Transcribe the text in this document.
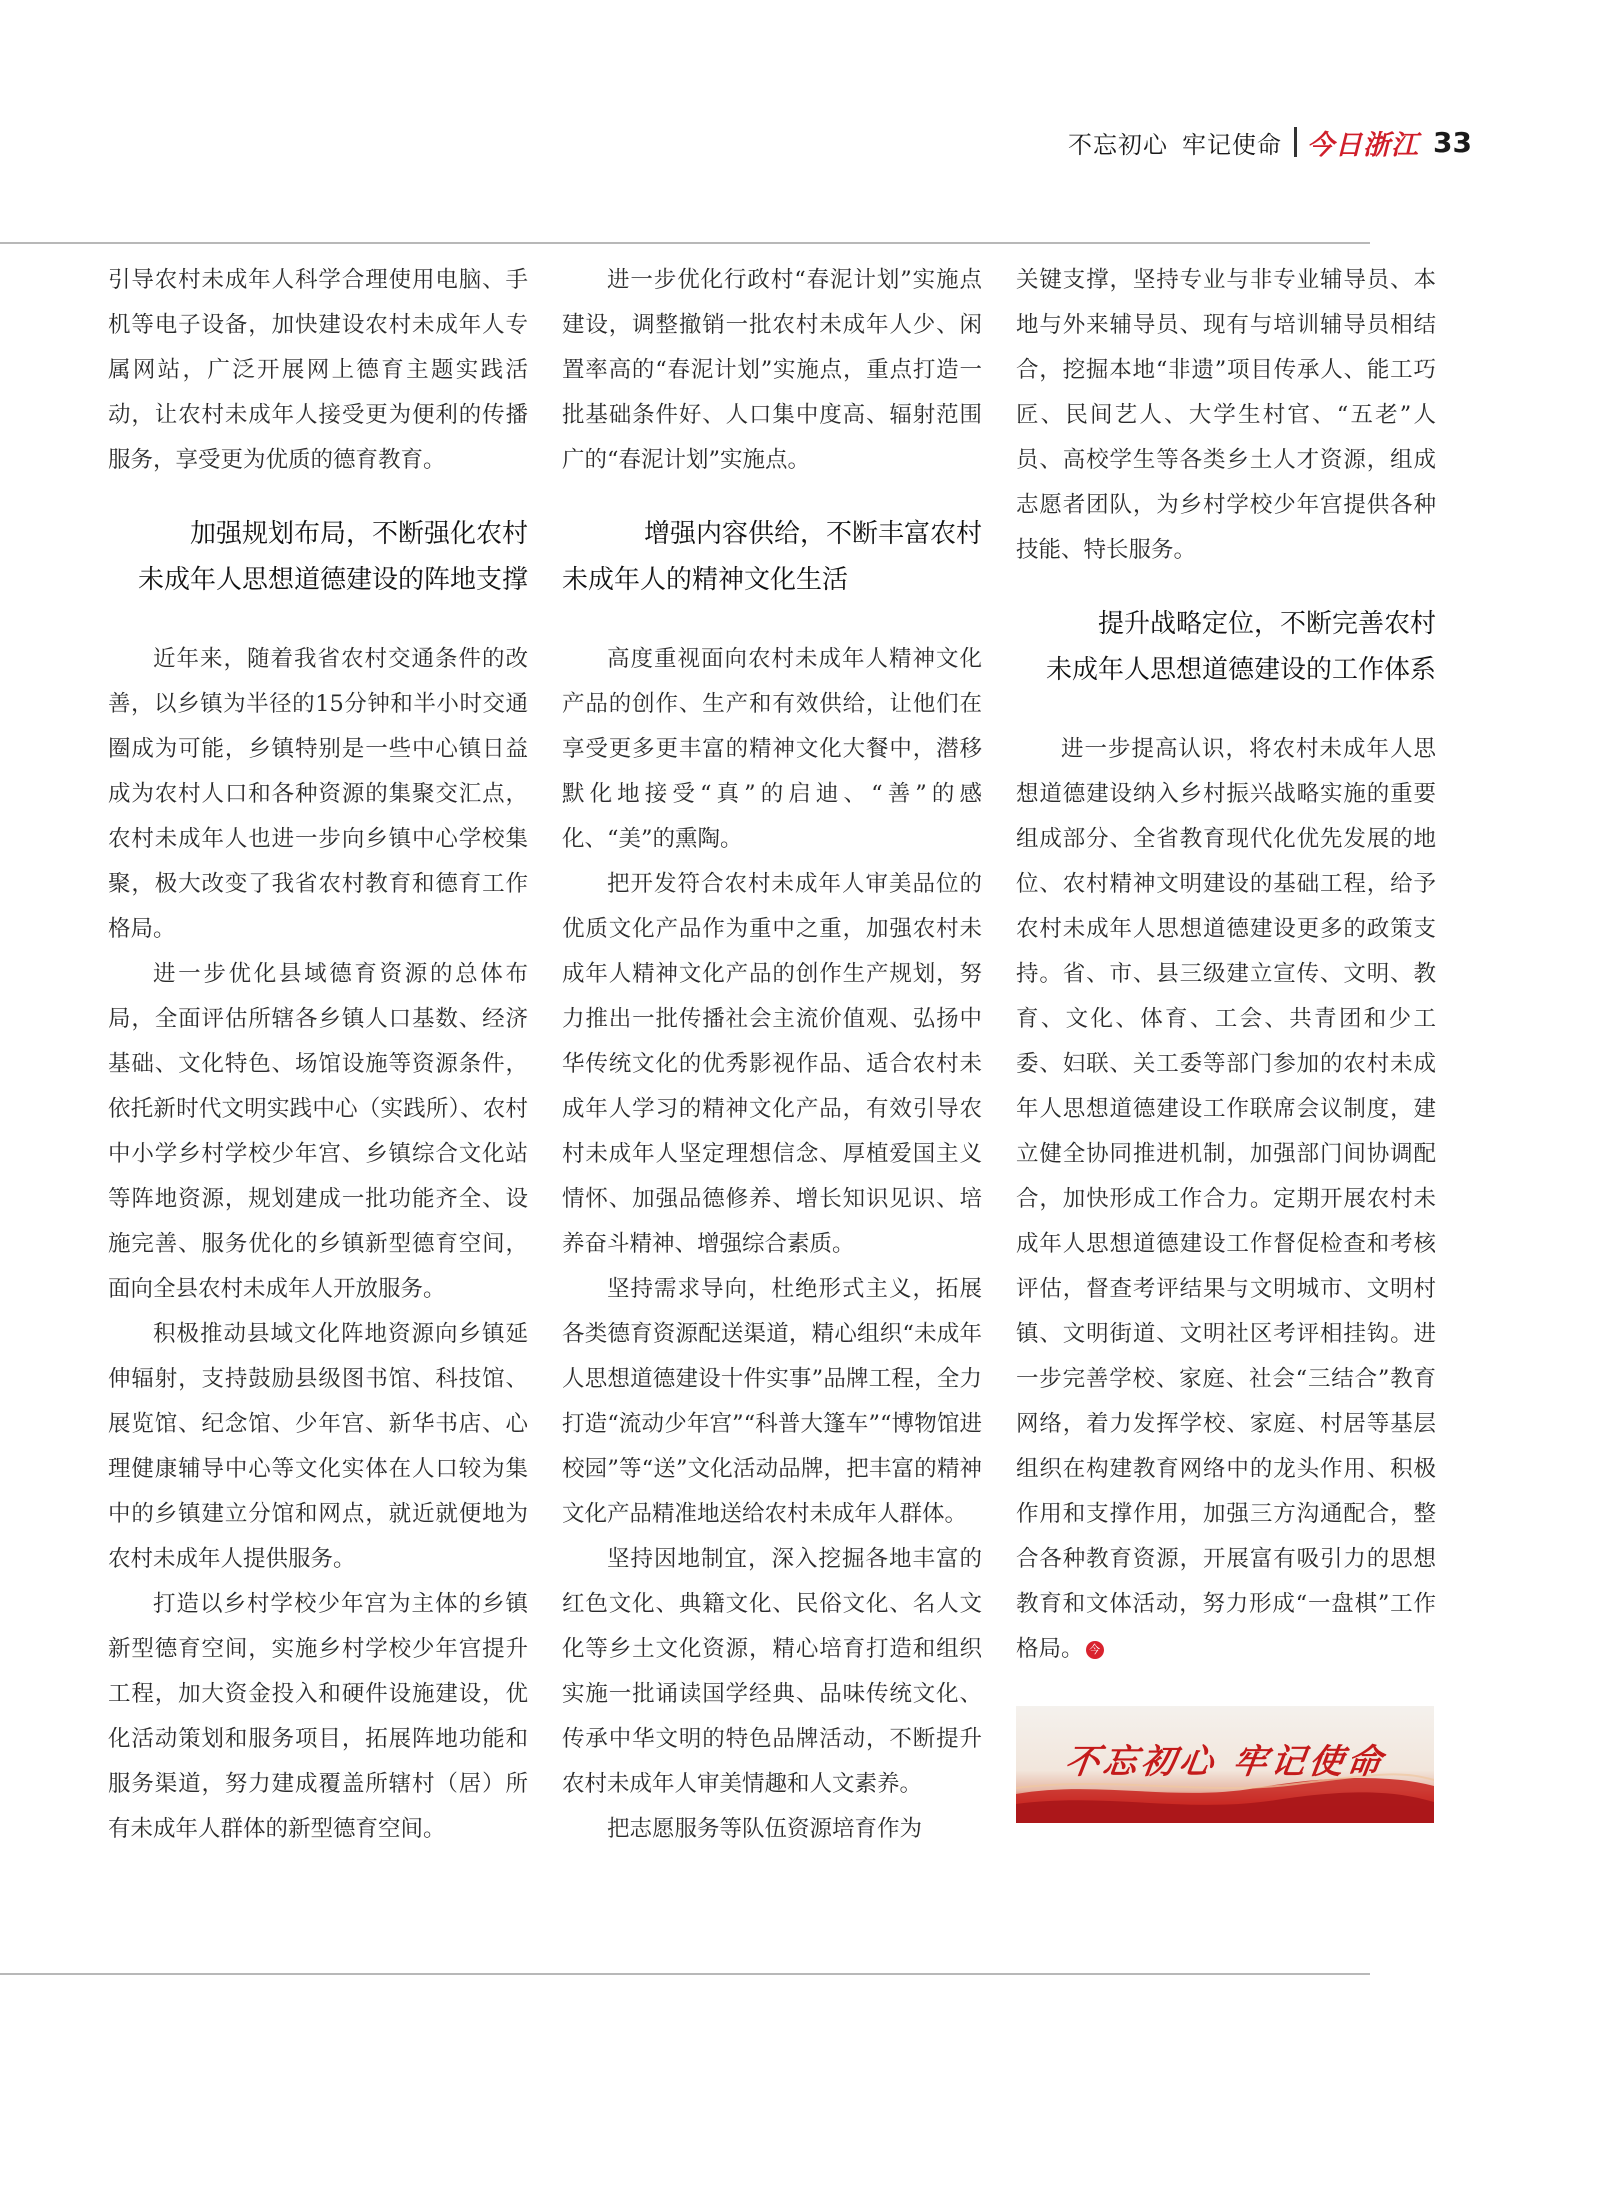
不忘初心 牢记使命 今日浙江 33

引导农村未成年人科学合理使用电脑、手机等电子设备，加快建设农村未成年人专属网站，广泛开展网上德育主题实践活动，让农村未成年人接受更为便利的传播服务，享受更为优质的德育教育。

加强规划布局，不断强化农村
未成年人思想道德建设的阵地支撑

近年来，随着我省农村交通条件的改善，以乡镇为半径的15分钟和半小时交通圈成为可能，乡镇特别是一些中心镇日益成为农村人口和各种资源的集聚交汇点，农村未成年人也进一步向乡镇中心学校集聚，极大改变了我省农村教育和德育工作格局。

进一步优化县域德育资源的总体布局，全面评估所辖各乡镇人口基数、经济基础、文化特色、场馆设施等资源条件，依托新时代文明实践中心（实践所）、农村中小学乡村学校少年宫、乡镇综合文化站等阵地资源，规划建成一批功能齐全、设施完善、服务优化的乡镇新型德育空间，面向全县农村未成年人开放服务。

积极推动县域文化阵地资源向乡镇延伸辐射，支持鼓励县级图书馆、科技馆、展览馆、纪念馆、少年宫、新华书店、心理健康辅导中心等文化实体在人口较为集中的乡镇建立分馆和网点，就近就便地为农村未成年人提供服务。

打造以乡村学校少年宫为主体的乡镇新型德育空间，实施乡村学校少年宫提升工程，加大资金投入和硬件设施建设，优化活动策划和服务项目，拓展阵地功能和服务渠道，努力建成覆盖所辖村（居）所有未成年人群体的新型德育空间。

进一步优化行政村“春泥计划”实施点建设，调整撤销一批农村未成年人少、闲置率高的“春泥计划”实施点，重点打造一批基础条件好、人口集中度高、辐射范围广的“春泥计划”实施点。

增强内容供给，不断丰富农村
未成年人的精神文化生活

高度重视面向农村未成年人精神文化产品的创作、生产和有效供给，让他们在享受更多更丰富的精神文化大餐中，潜移默化地接受“真”的启迪、“善”的感化、“美”的熏陶。

把开发符合农村未成年人审美品位的优质文化产品作为重中之重，加强农村未成年人精神文化产品的创作生产规划，努力推出一批传播社会主流价值观、弘扬中华传统文化的优秀影视作品、适合农村未成年人学习的精神文化产品，有效引导农村未成年人坚定理想信念、厚植爱国主义情怀、加强品德修养、增长知识见识、培养奋斗精神、增强综合素质。

坚持需求导向，杜绝形式主义，拓展各类德育资源配送渠道，精心组织“未成年人思想道德建设十件实事”品牌工程，全力打造“流动少年宫”“科普大篷车”“博物馆进校园”等“送”文化活动品牌，把丰富的精神文化产品精准地送给农村未成年人群体。

坚持因地制宜，深入挖掘各地丰富的红色文化、典籍文化、民俗文化、名人文化等乡土文化资源，精心培育打造和组织实施一批诵读国学经典、品味传统文化、传承中华文明的特色品牌活动，不断提升农村未成年人审美情趣和人文素养。

把志愿服务等队伍资源培育作为

关键支撑，坚持专业与非专业辅导员、本地与外来辅导员、现有与培训辅导员相结合，挖掘本地“非遗”项目传承人、能工巧匠、民间艺人、大学生村官、“五老”人员、高校学生等各类乡土人才资源，组成志愿者团队，为乡村学校少年宫提供各种技能、特长服务。

提升战略定位，不断完善农村
未成年人思想道德建设的工作体系

进一步提高认识，将农村未成年人思想道德建设纳入乡村振兴战略实施的重要组成部分、全省教育现代化优先发展的地位、农村精神文明建设的基础工程，给予农村未成年人思想道德建设更多的政策支持。省、市、县三级建立宣传、文明、教育、文化、体育、工会、共青团和少工委、妇联、关工委等部门参加的农村未成年人思想道德建设工作联席会议制度，建立健全协同推进机制，加强部门间协调配合，加快形成工作合力。定期开展农村未成年人思想道德建设工作督促检查和考核评估，督查考评结果与文明城市、文明村镇、文明街道、文明社区考评相挂钩。进一步完善学校、家庭、社会“三结合”教育网络，着力发挥学校、家庭、村居等基层组织在构建教育网络中的龙头作用、积极作用和支撑作用，加强三方沟通配合，整合各种教育资源，开展富有吸引力的思想教育和文体活动，努力形成“一盘棋”工作格局。 今

不忘初心 牢记使命
